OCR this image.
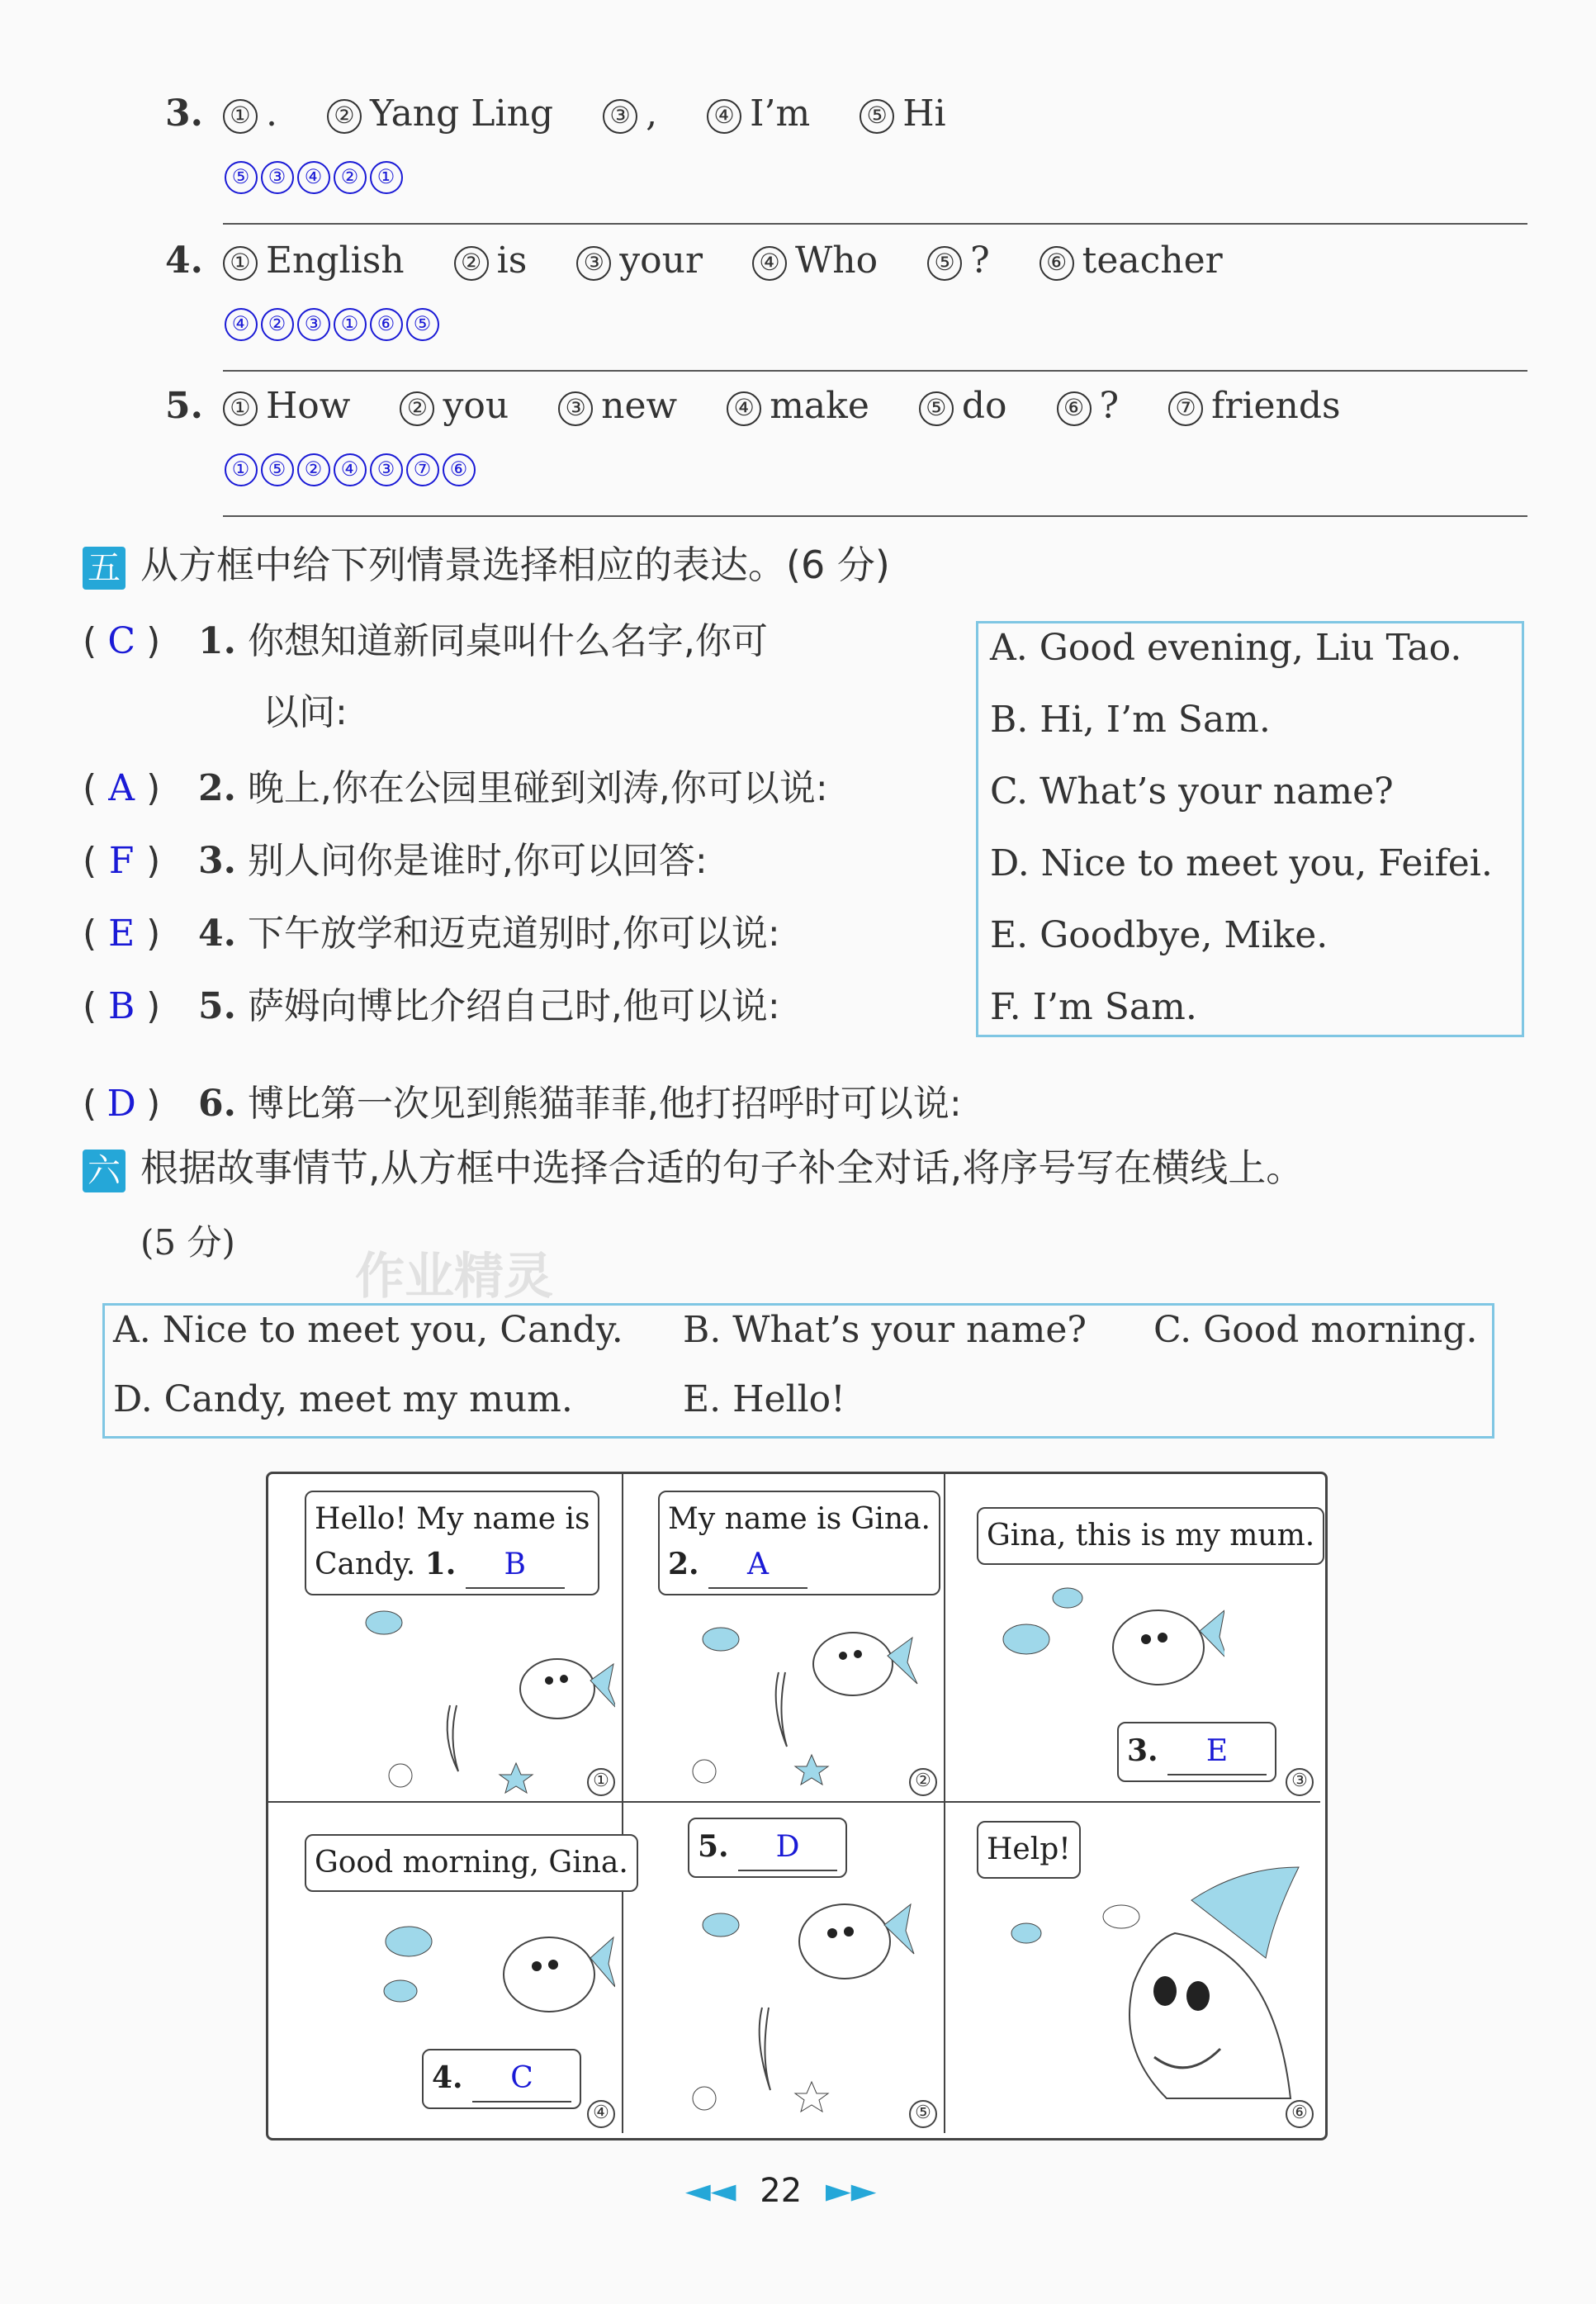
3. ① . ② Yang Ling ③ , ④ I’m ⑤ Hi
⑤ ③ ④ ② ①
4. ① English ② is ③ your ④ Who ⑤ ? ⑥ teacher
④ ② ③ ① ⑥ ⑤
5. ① How ② you ③ new ④ make ⑤ do ⑥ ? ⑦ friends
① ⑤ ② ④ ③ ⑦ ⑥
五 从方框中给下列情景选择相应的表达。(6 分)
( C ) 1. 你想知道新同桌叫什么名字,你可
以问:
( A ) 2. 晚上,你在公园里碰到刘涛,你可以说:
( F ) 3. 别人问你是谁时,你可以回答:
( E ) 4. 下午放学和迈克道别时,你可以说:
( B ) 5. 萨姆向博比介绍自己时,他可以说:
( D ) 6. 博比第一次见到熊猫菲菲,他打招呼时可以说:
A. Good evening, Liu Tao.
B. Hi, I’m Sam.
C. What’s your name?
D. Nice to meet you, Feifei.
E. Goodbye, Mike.
F. I’m Sam.
六 根据故事情节,从方框中选择合适的句子补全对话,将序号写在横线上。
(5 分)
作业精灵
A. Nice to meet you, Candy. B. What’s your name? C. Good morning.
D. Candy, meet my mum.	E. Hello!
Hello! My name is
Candy. 1. B
①
My name is Gina.
2. A
②
Gina, this is my mum.
3. E
③
Good morning, Gina.
4. C
④
5. D
⑤
Help!
⑥
◄◄ 22 ►►
